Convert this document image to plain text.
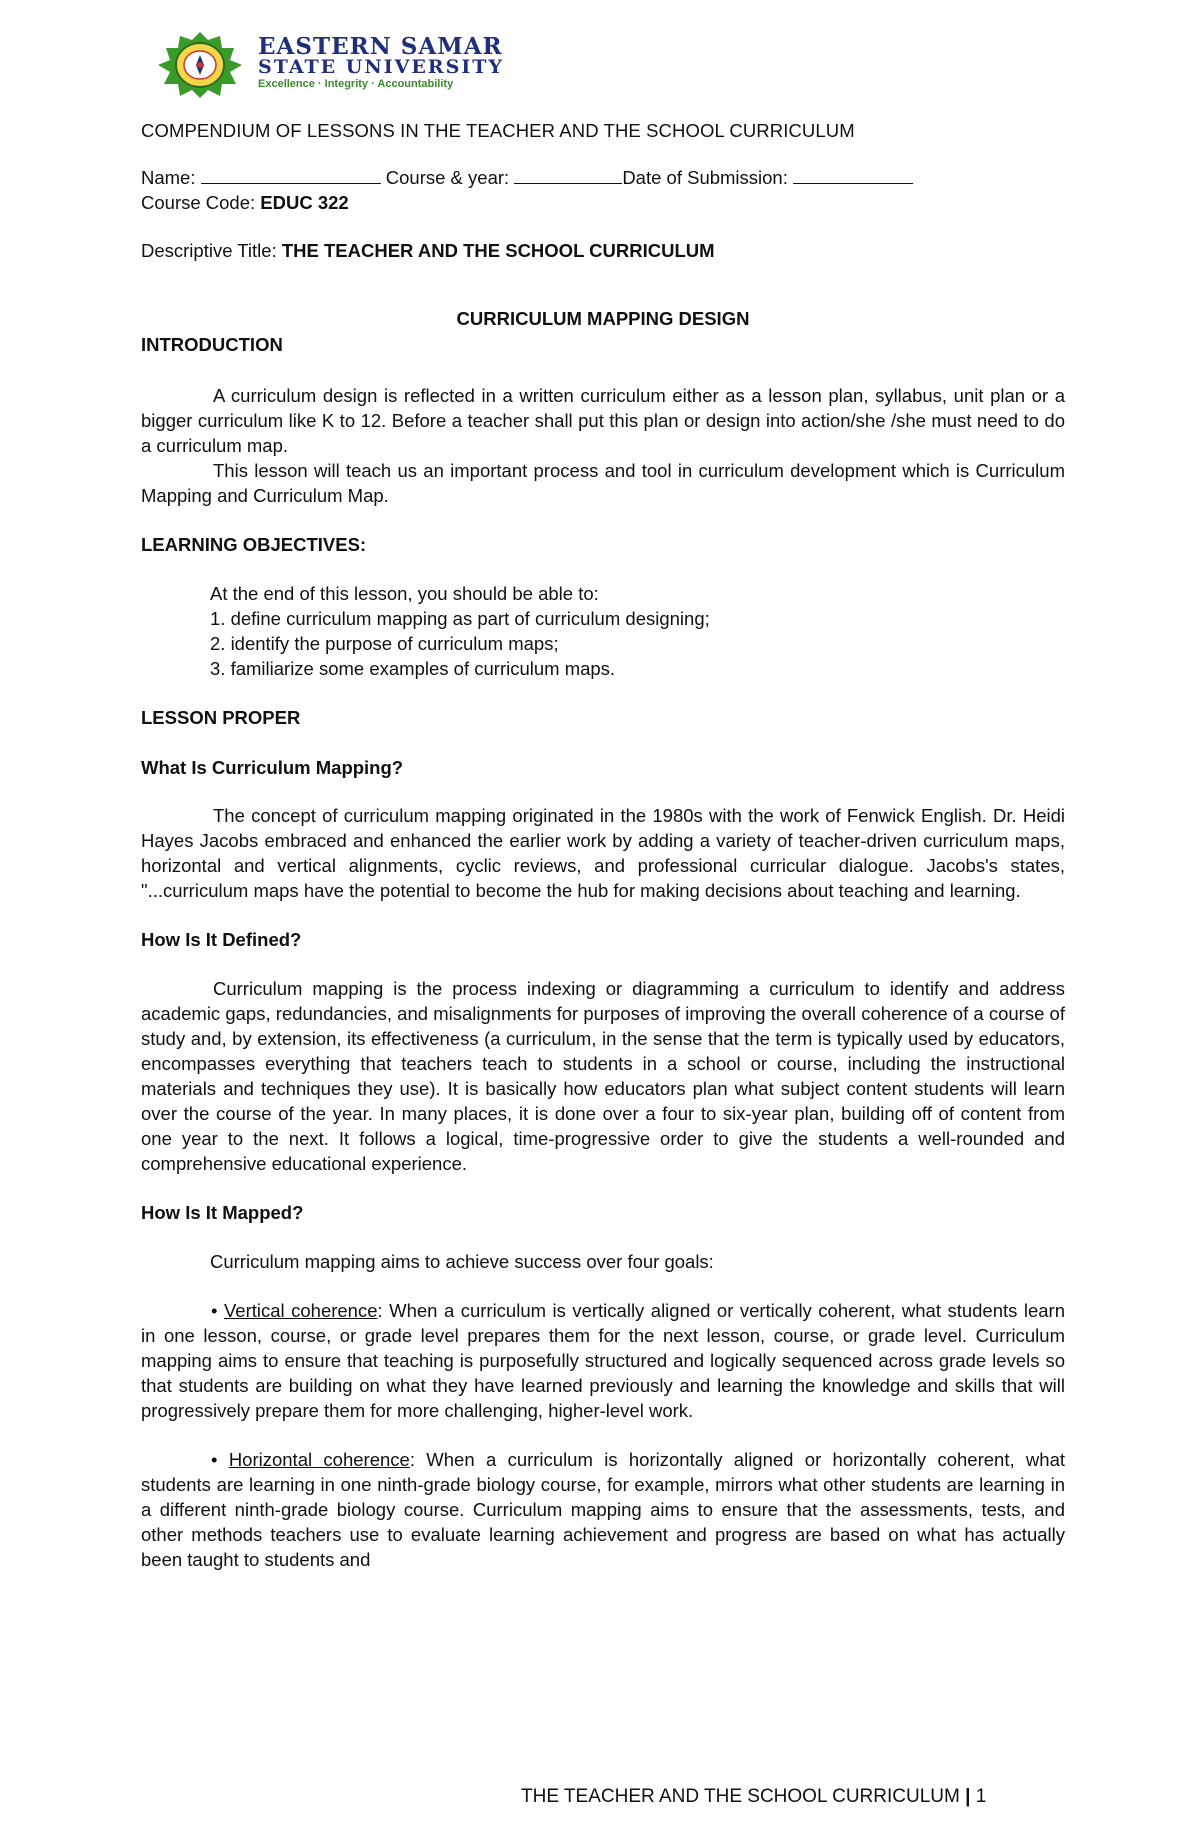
EASTERN SAMAR
STATE UNIVERSITY
Excellence · Integrity · Accountability

COMPENDIUM OF LESSONS IN THE TEACHER AND THE SCHOOL CURRICULUM

Name:	Course & year:	Date of Submission:

Course Code: EDUC 322

Descriptive Title: THE TEACHER AND THE SCHOOL CURRICULUM

CURRICULUM MAPPING DESIGN

INTRODUCTION

A curriculum design is reflected in a written curriculum either as a lesson plan, syllabus, unit plan or a bigger curriculum like K to 12. Before a teacher shall put this plan or design into action/she /she must need to do a curriculum map.

This lesson will teach us an important process and tool in curriculum development which is Curriculum Mapping and Curriculum Map.

LEARNING OBJECTIVES:

At the end of this lesson, you should be able to:

1. define curriculum mapping as part of curriculum designing;
2. identify the purpose of curriculum maps;
3. familiarize some examples of curriculum maps.

LESSON PROPER

What Is Curriculum Mapping?

The concept of curriculum mapping originated in the 1980s with the work of Fenwick English. Dr. Heidi Hayes Jacobs embraced and enhanced the earlier work by adding a variety of teacher-driven curriculum maps, horizontal and vertical alignments, cyclic reviews, and professional curricular dialogue. Jacobs's states, "...curriculum maps have the potential to become the hub for making decisions about teaching and learning.

How Is It Defined?

Curriculum mapping is the process indexing or diagramming a curriculum to identify and address academic gaps, redundancies, and misalignments for purposes of improving the overall coherence of a course of study and, by extension, its effectiveness (a curriculum, in the sense that the term is typically used by educators, encompasses everything that teachers teach to students in a school or course, including the instructional materials and techniques they use). It is basically how educators plan what subject content students will learn over the course of the year. In many places, it is done over a four to six-year plan, building off of content from one year to the next. It follows a logical, time-progressive order to give the students a well-rounded and comprehensive educational experience.

How Is It Mapped?

Curriculum mapping aims to achieve success over four goals:

• Vertical coherence: When a curriculum is vertically aligned or vertically coherent, what students learn in one lesson, course, or grade level prepares them for the next lesson, course, or grade level. Curriculum mapping aims to ensure that teaching is purposefully structured and logically sequenced across grade levels so that students are building on what they have learned previously and learning the knowledge and skills that will progressively prepare them for more challenging, higher-level work.

• Horizontal coherence: When a curriculum is horizontally aligned or horizontally coherent, what students are learning in one ninth-grade biology course, for example, mirrors what other students are learning in a different ninth-grade biology course. Curriculum mapping aims to ensure that the assessments, tests, and other methods teachers use to evaluate learning achievement and progress are based on what has actually been taught to students and

THE TEACHER AND THE SCHOOL CURRICULUM | 1
